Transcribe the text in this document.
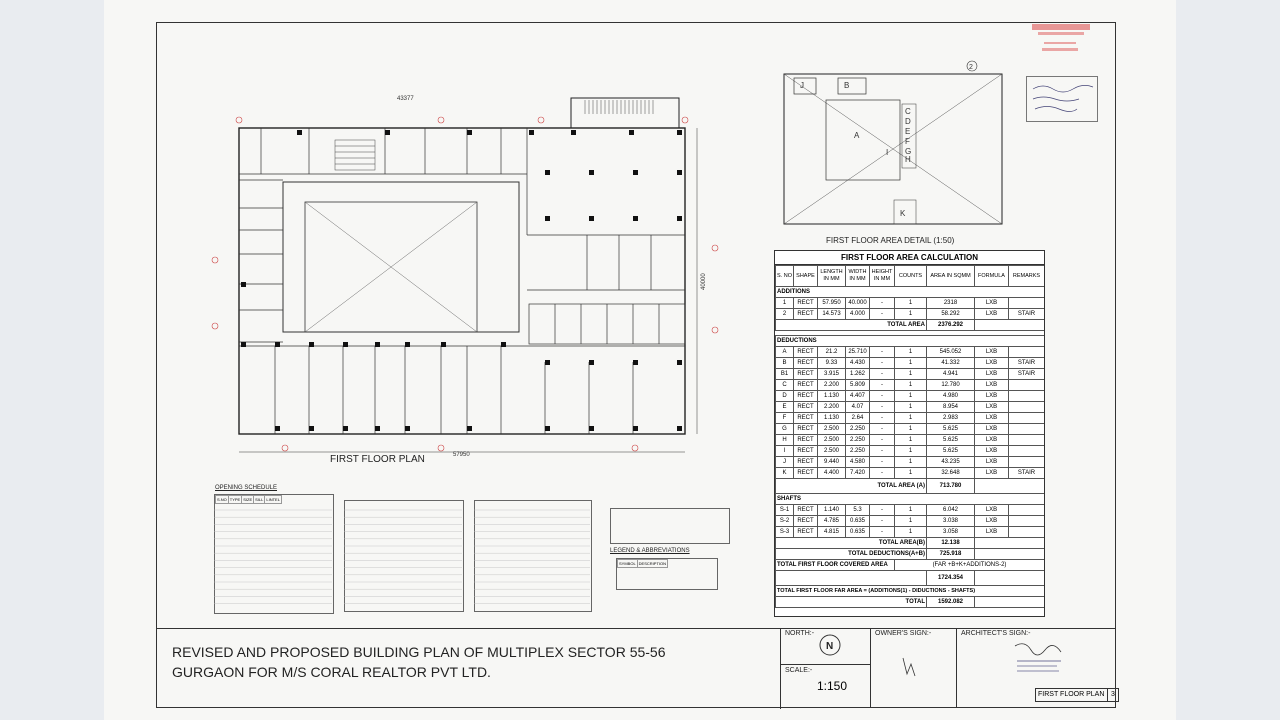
43377
57950
40000
FIRST FLOOR PLAN
2
J	B
A
C
D
E
F
G
H
I
K
FIRST FLOOR AREA DETAIL (1:50)
FIRST FLOOR AREA CALCULATION
S. NO	SHAPE	LENGTH IN MM	WIDTH IN MM	HEIGHT IN MM	COUNTS	AREA IN SQMM	FORMULA	REMARKS
ADDITIONS								
1	RECT	57.950	40.000	-	1	2318	LXB	
2	RECT	14.573	4.000	-	1	58.292	LXB	STAIR
TOTAL AREA						2376.292		

DEDUCTIONS								
A	RECT	21.2	25.710	-	1	545.052	LXB	
B	RECT	9.33	4.430	-	1	41.332	LXB	STAIR
B1	RECT	3.915	1.262	-	1	4.941	LXB	STAIR
C	RECT	2.200	5.809	-	1	12.780	LXB	
D	RECT	1.130	4.407	-	1	4.980	LXB	
E	RECT	2.200	4.07	-	1	8.954	LXB	
F	RECT	1.130	2.64	-	1	2.983	LXB	
G	RECT	2.500	2.250	-	1	5.625	LXB	
H	RECT	2.500	2.250	-	1	5.625	LXB	
I	RECT	2.500	2.250	-	1	5.625	LXB	
J	RECT	9.440	4.580	-	1	43.235	LXB	
K	RECT	4.400	7.420	-	1	32.648	LXB	STAIR
TOTAL AREA (A)						713.780		
SHAFTS								
S-1	RECT	1.140	5.3	-	1	6.042	LXB	
S-2	RECT	4.785	0.635	-	1	3.038	LXB	
S-3	RECT	4.815	0.635	-	1	3.058	LXB	
TOTAL AREA(B)						12.138		
TOTAL DEDUCTIONS(A+B)						725.918		
TOTAL FIRST FLOOR COVERED AREA					(FAR +B+K+ADDITIONS-2)			
						1724.354		
TOTAL FIRST FLOOR FAR AREA = (ADDITIONS(1) - DIDUCTIONS - SHAFTS)								
TOTAL						1592.082		
OPENING SCHEDULE
S.NO	TYPE	SIZE	SILL	LINTEL
LEGEND & ABBREVIATIONS
SYMBOL	DESCRIPTION
REVISED AND PROPOSED BUILDING PLAN OF MULTIPLEX SECTOR 55-56
GURGAON FOR M/S CORAL REALTOR PVT LTD.
NORTH:-
N
SCALE:-
1:150
OWNER'S SIGN:-	ARCHITECT'S SIGN:-
FIRST FLOOR PLAN 3
